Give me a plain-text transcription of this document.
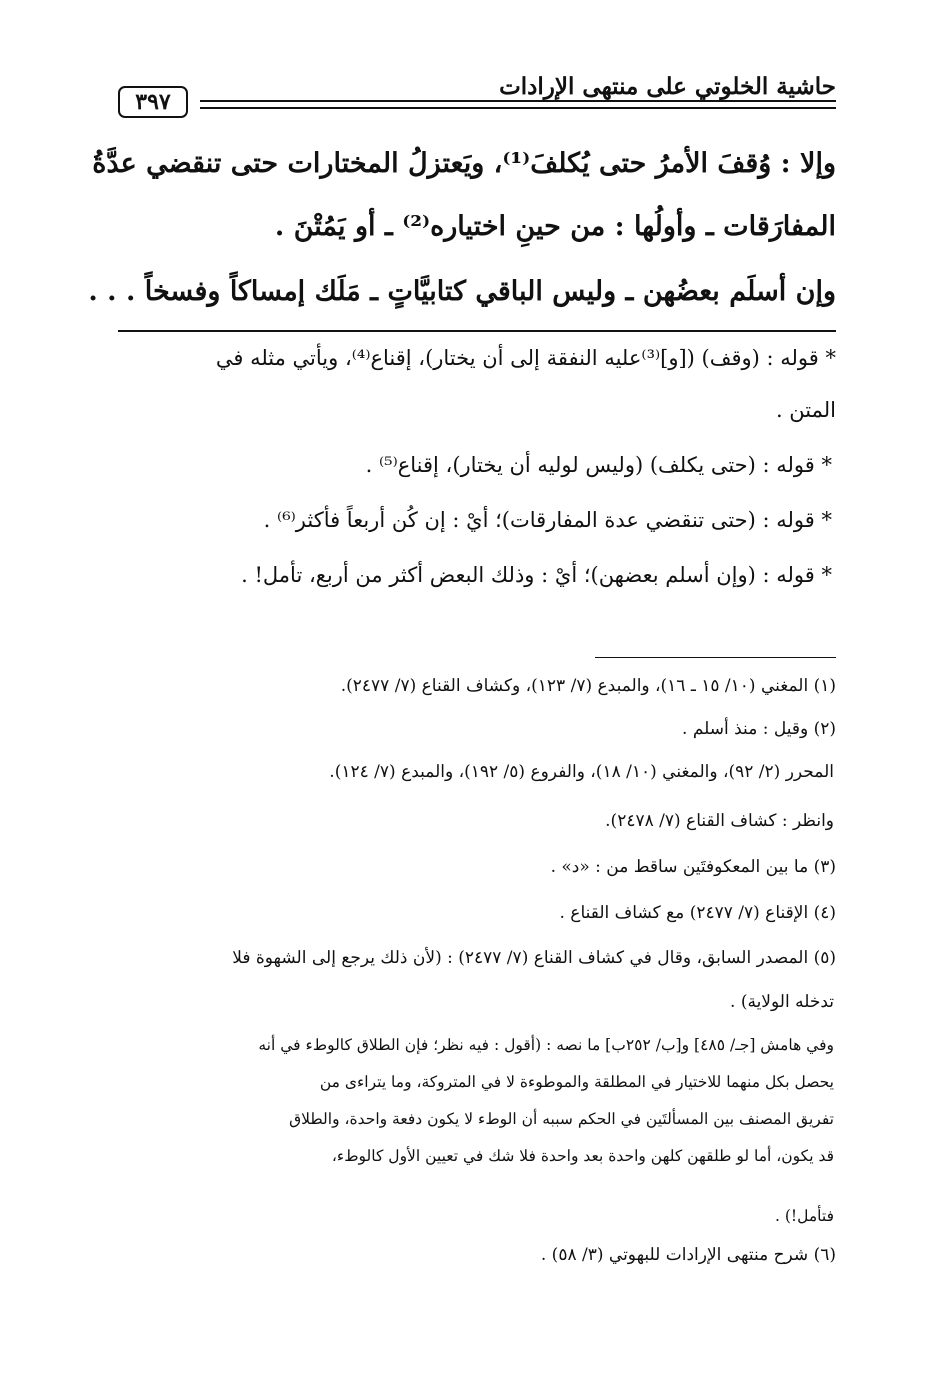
حاشية الخلوتي على منتهى الإرادات
٣٩٧
وإلا : وُقفَ الأمرُ حتى يُكلفَ⁽¹⁾، ويَعتزلُ المختارات حتى تنقضي عدَّةُ
المفارَقات ـ وأولُها : من حينِ اختياره⁽²⁾ ـ أو يَمُتْنَ .
وإن أسلَم بعضُهن ـ وليس الباقي كتابيَّاتٍ ـ مَلَك إمساكاً وفسخاً . . .
* قوله : (وقف) ([و]⁽³⁾عليه النفقة إلى أن يختار)، إقناع⁽⁴⁾، ويأتي مثله في
المتن .
* قوله : (حتى يكلف) (وليس لوليه أن يختار)، إقناع⁽⁵⁾ .
* قوله : (حتى تنقضي عدة المفارقات)؛ أيْ : إن كُن أربعاً فأكثر⁽⁶⁾ .
* قوله : (وإن أسلم بعضهن)؛ أيْ : وذلك البعض أكثر من أربع، تأمل! .
(١) المغني (١٠/ ١٥ ـ ١٦)، والمبدع (٧/ ١٢٣)، وكشاف القناع (٧/ ٢٤٧٧).
(٢) وقيل : منذ أسلم .
المحرر (٢/ ٩٢)، والمغني (١٠/ ١٨)، والفروع (٥/ ١٩٢)، والمبدع (٧/ ١٢٤).
وانظر : كشاف القناع (٧/ ٢٤٧٨).
(٣) ما بين المعكوفتَين ساقط من : «د» .
(٤) الإقناع (٧/ ٢٤٧٧) مع كشاف القناع .
(٥) المصدر السابق، وقال في كشاف القناع (٧/ ٢٤٧٧) : (لأن ذلك يرجع إلى الشهوة فلا
تدخله الولاية) .
وفي هامش [جـ/ ٤٨٥] و[ب/ ٢٥٢ب] ما نصه : (أقول : فيه نظر؛ فإن الطلاق كالوطء في أنه
يحصل بكل منهما للاختيار في المطلقة والموطوءة لا في المتروكة، وما يتراءى من
تفريق المصنف بين المسألتَين في الحكم سببه أن الوطء لا يكون دفعة واحدة، والطلاق
قد يكون، أما لو طلقهن كلهن واحدة بعد واحدة فلا شك في تعيين الأول كالوطء،
فتأمل!) .
(٦) شرح منتهى الإرادات للبهوتي (٣/ ٥٨) .
